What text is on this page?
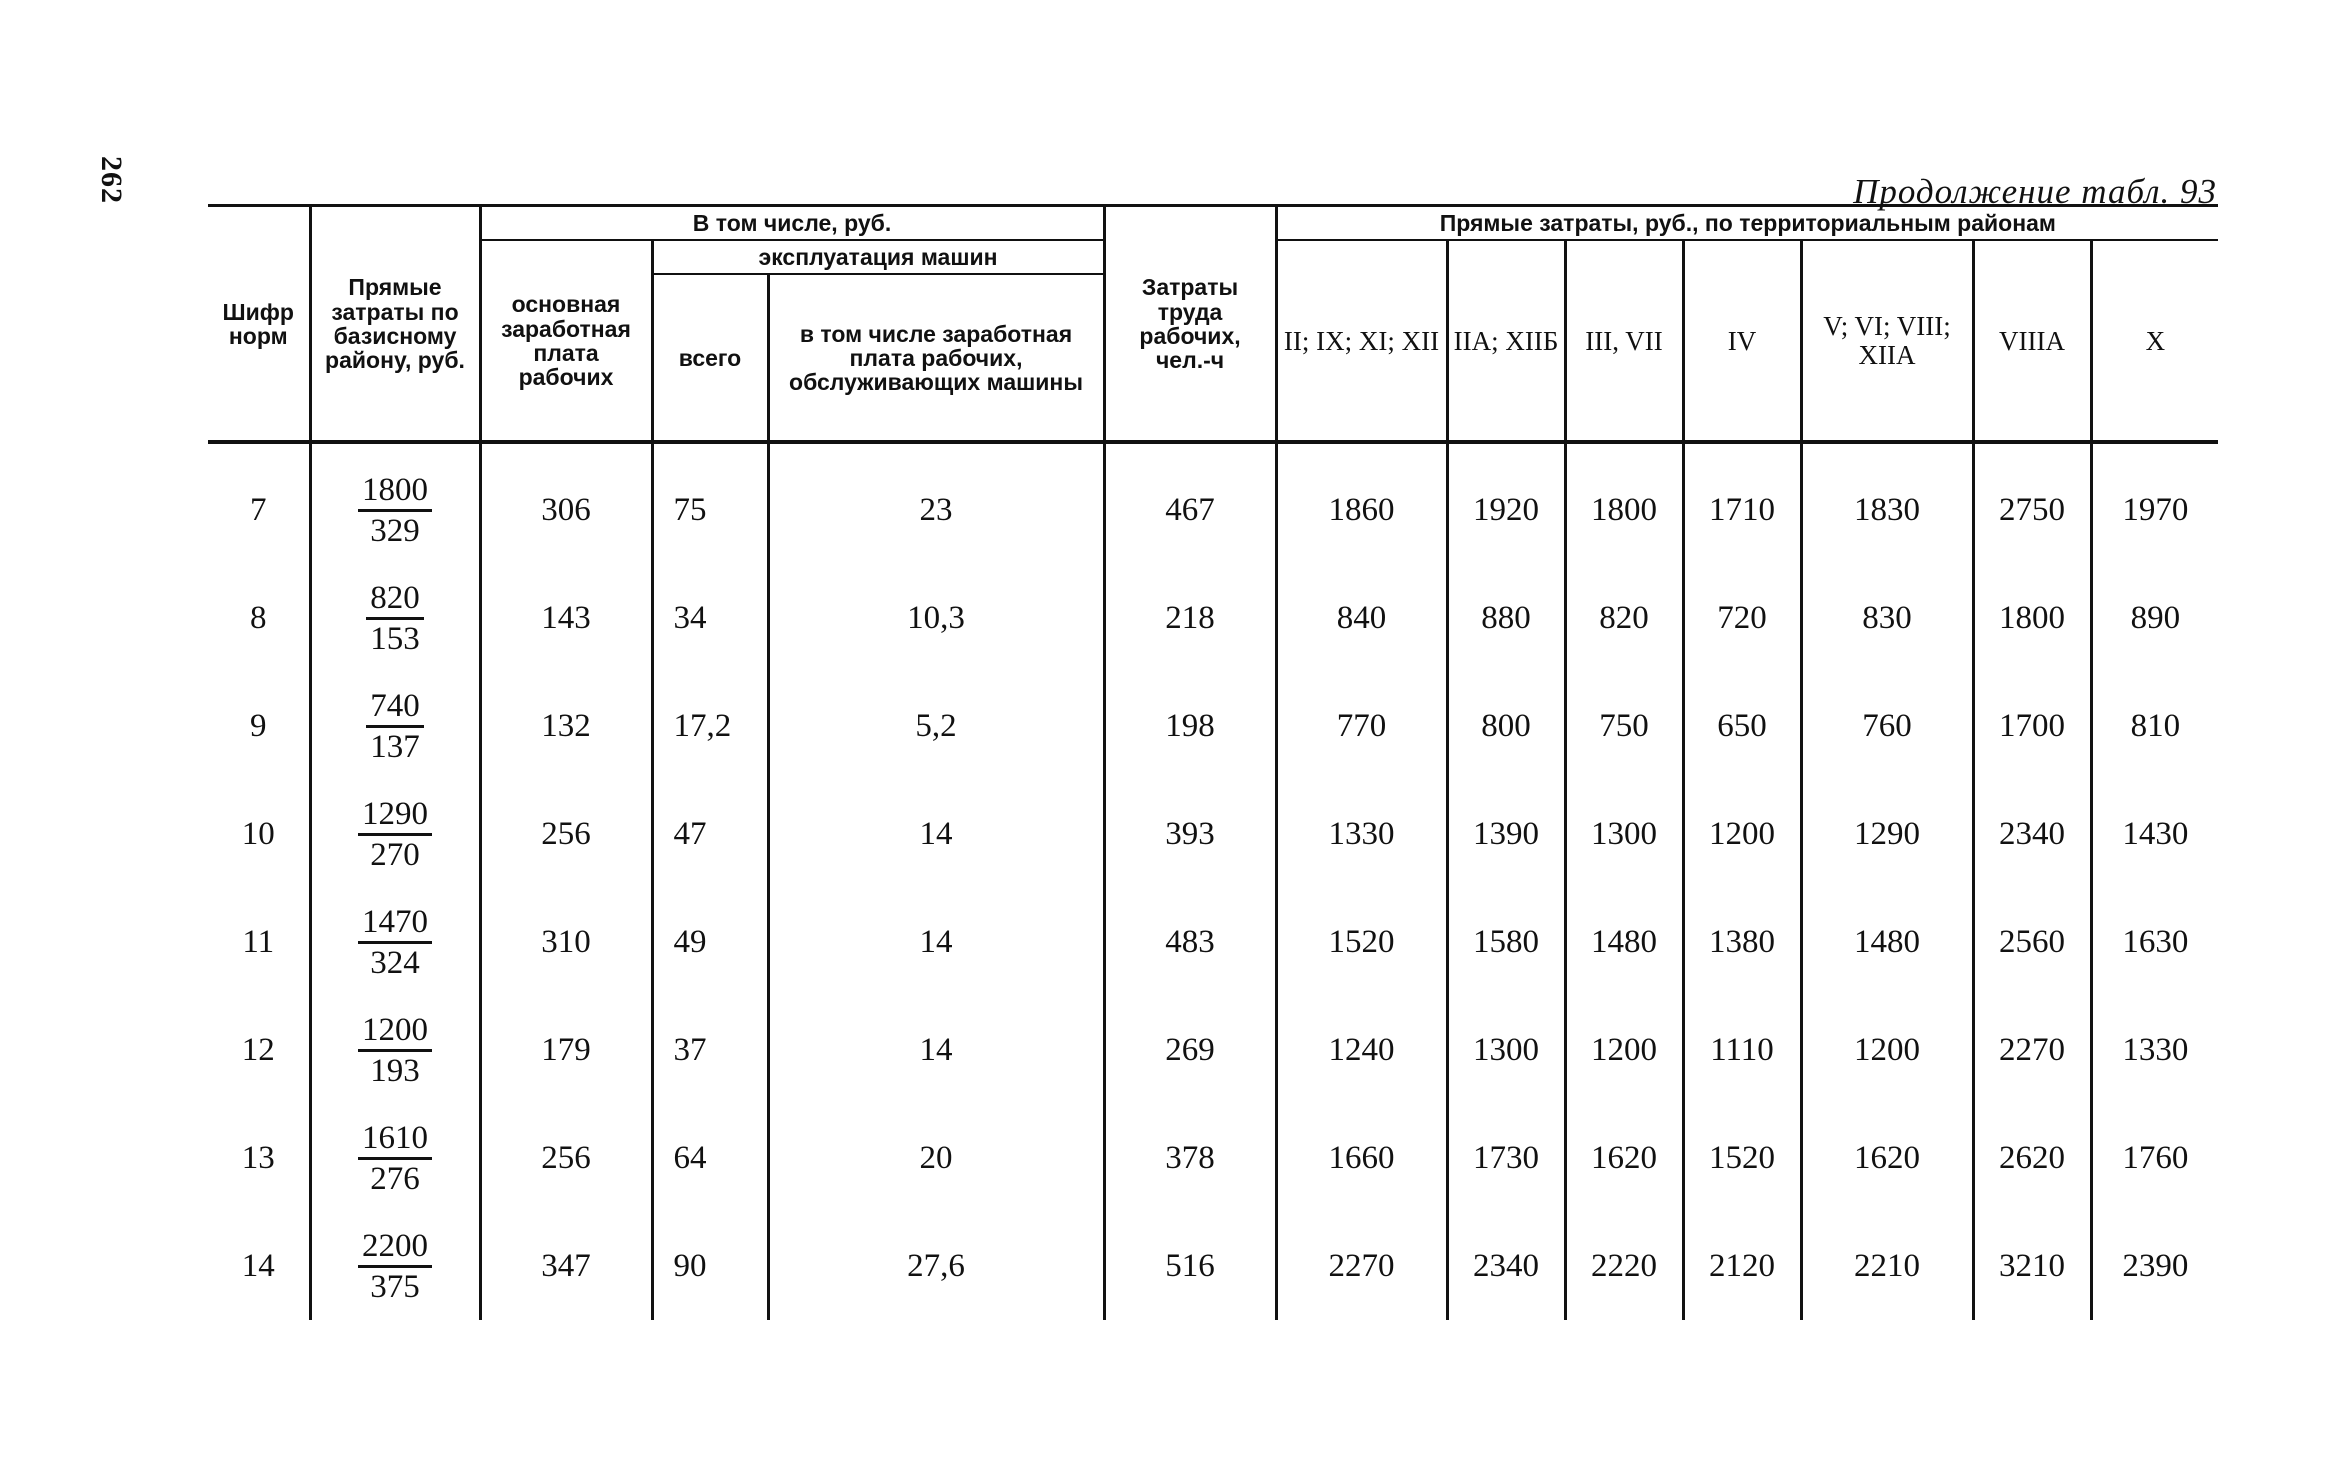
262	Продолжение табл. 93
Шифр норм	Прямые затраты по базисному району, руб.	В том числе, руб.			Затраты труда рабочих, чел.-ч	Прямые затраты, руб., по территориальным районам						
		основная заработная плата рабочих	эксплуатация машин			II; IX; XI; XII	IIA; XIIБ	III, VII	IV	V; VI; VIII; XIIA	VIIIA	X
			всего	в том числе заработная плата рабочих, обслуживающих машины								
7	$\frac{1800}{329}$	306	75	23	467	1860	1920	1800	1710	1830	2750	1970
8	$\frac{820}{153}$	143	34	10,3	218	840	880	820	720	830	1800	890
9	$\frac{740}{137}$	132	17,2	5,2	198	770	800	750	650	760	1700	810
10	$\frac{1290}{270}$	256	47	14	393	1330	1390	1300	1200	1290	2340	1430
11	$\frac{1470}{324}$	310	49	14	483	1520	1580	1480	1380	1480	2560	1630
12	$\frac{1200}{193}$	179	37	14	269	1240	1300	1200	1110	1200	2270	1330
13	$\frac{1610}{276}$	256	64	20	378	1660	1730	1620	1520	1620	2620	1760
14	$\frac{2200}{375}$	347	90	27,6	516	2270	2340	2220	2120	2210	3210	2390
